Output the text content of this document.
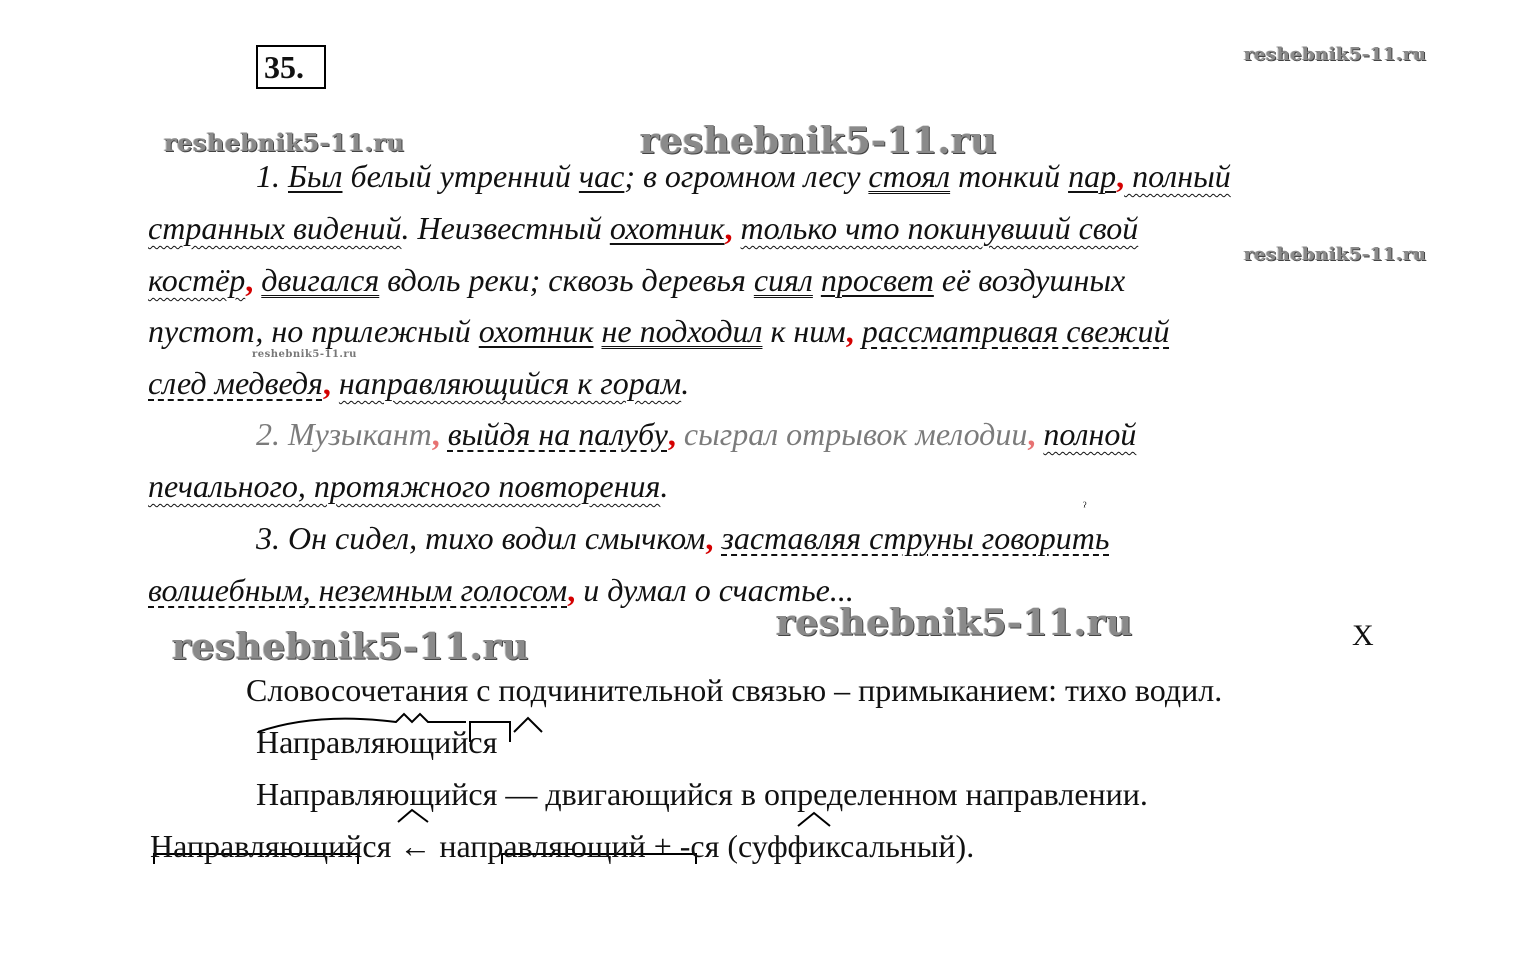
35.	reshebnik5-11.ru
reshebnik5-11.ru	reshebnik5-11.ru
reshebnik5-11.ru
reshebnik5-11.ru
reshebnik5-11.ru
reshebnik5-11.ru
1. Был белый утренний час; в огромном лесу стоял тонкий пар, полный
странных видений. Неизвестный охотник, только что покинувший свой
костёр, двигался вдоль реки; сквозь деревья сиял просвет её воздушных
пустот, но прилежный охотник не подходил к ним, рассматривая свежий
след медведя, направляющийся к горам.
2. Музыкант, выйдя на палубу, сыграл отрывок мелодии, полной
печального, протяжного повторения.
ˀ
3. Он сидел, тихо водил смычком, заставляя струны говорить
волшебным, неземным голосом, и думал о счастье...
X
Словосочетания с подчинительной связью – примыканием: тихо водил.
Направляющийся
Направляющийся — двигающийся в определенном направлении.
Направляющийся ← направляющий + -ся (суффиксальный).
